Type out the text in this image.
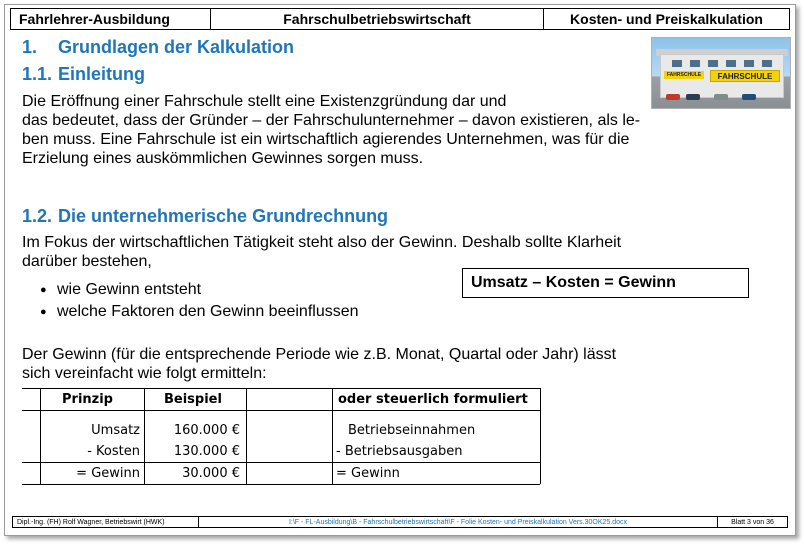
Fahrlehrer-Ausbildung	Fahrschulbetriebswirtschaft	Kosten- und Preiskalkulation
1. Grundlagen der Kalkulation
1.1. Einleitung	FAHRSCHULE	FAHRSCHULE
Die Eröffnung einer Fahrschule stellt eine Existenzgründung dar und
das bedeutet, dass der Gründer – der Fahrschulunternehmer – davon existieren, als le-
ben muss. Eine Fahrschule ist ein wirtschaftlich agierendes Unternehmen, was für die
Erzielung eines auskömmlichen Gewinnes sorgen muss.
1.2. Die unternehmerische Grundrechnung
Im Fokus der wirtschaftlichen Tätigkeit steht also der Gewinn. Deshalb sollte Klarheit
darüber bestehen,
● wie Gewinn entsteht
● welche Faktoren den Gewinn beeinflussen
Umsatz – Kosten = Gewinn
Der Gewinn (für die entsprechende Periode wie z.B. Monat, Quartal oder Jahr) lässt
sich vereinfacht wie folgt ermitteln:
Prinzip	Beispiel	oder steuerlich formuliert
Umsatz	160.000 €	Betriebseinnahmen
- Kosten	130.000 €	- Betriebsausgaben
= Gewinn	30.000 €	= Gewinn
Dipl.-Ing. (FH) Rolf Wagner, Betriebswirt (HWK)	I:\F - FL-Ausbildung\B - Fahrschulbetriebswirtschaft\F - Folie Kosten- und Preiskalkulation Vers.30OK25.docx	Blatt 3 von 36
